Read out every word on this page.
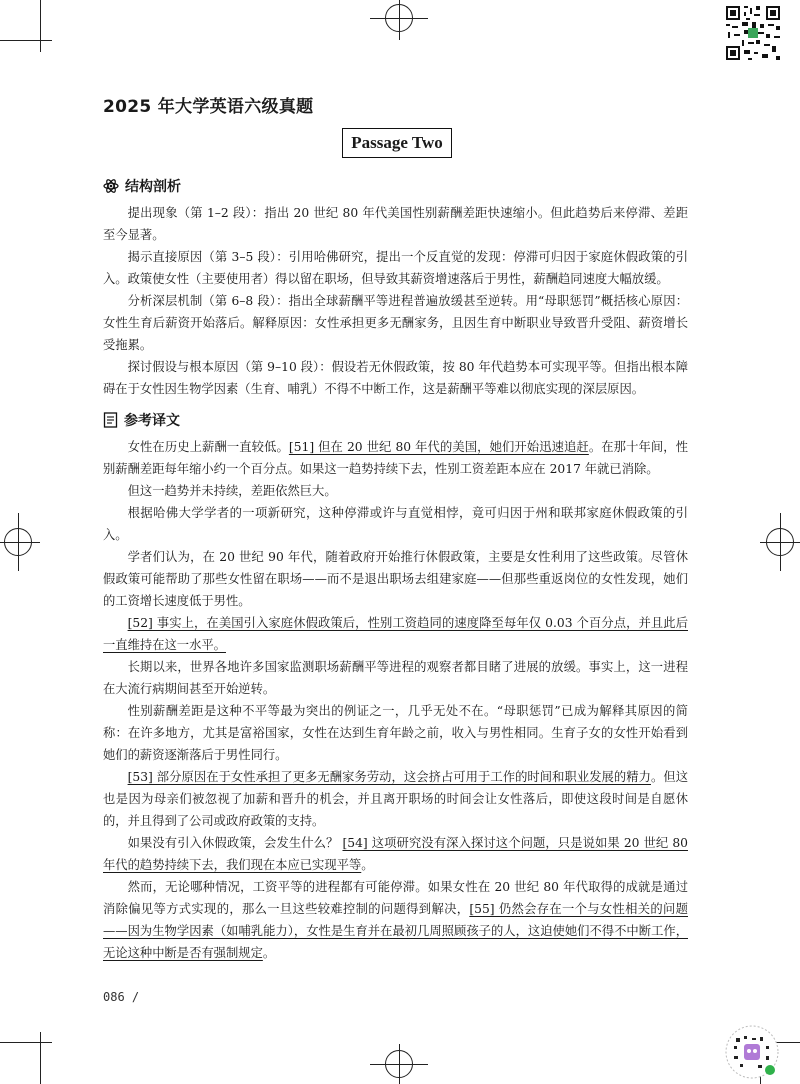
2025 年大学英语六级真题
Passage Two
结构剖析

提出现象（第 1–2 段）：指出 20 世纪 80 年代美国性别薪酬差距快速缩小。但此趋势后来停滞、差距至今显著。

揭示直接原因（第 3–5 段）：引用哈佛研究，提出一个反直觉的发现：停滞可归因于家庭休假政策的引入。政策使女性（主要使用者）得以留在职场，但导致其薪资增速落后于男性，薪酬趋同速度大幅放缓。

分析深层机制（第 6–8 段）：指出全球薪酬平等进程普遍放缓甚至逆转。用“母职惩罚”概括核心原因：女性生育后薪资开始落后。解释原因：女性承担更多无酬家务，且因生育中断职业导致晋升受阻、薪资增长受拖累。

探讨假设与根本原因（第 9–10 段）：假设若无休假政策，按 80 年代趋势本可实现平等。但指出根本障碍在于女性因生物学因素（生育、哺乳）不得不中断工作，这是薪酬平等难以彻底实现的深层原因。

参考译文

女性在历史上薪酬一直较低。[51] 但在 20 世纪 80 年代的美国，她们开始迅速追赶。在那十年间，性别薪酬差距每年缩小约一个百分点。如果这一趋势持续下去，性别工资差距本应在 2017 年就已消除。

但这一趋势并未持续，差距依然巨大。

根据哈佛大学学者的一项新研究，这种停滞或许与直觉相悖，竟可归因于州和联邦家庭休假政策的引入。

学者们认为，在 20 世纪 90 年代，随着政府开始推行休假政策，主要是女性利用了这些政策。尽管休假政策可能帮助了那些女性留在职场——而不是退出职场去组建家庭——但那些重返岗位的女性发现，她们的工资增长速度低于男性。

[52] 事实上，在美国引入家庭休假政策后，性别工资趋同的速度降至每年仅 0.03 个百分点，并且此后一直维持在这一水平。

长期以来，世界各地许多国家监测职场薪酬平等进程的观察者都目睹了进展的放缓。事实上，这一进程在大流行病期间甚至开始逆转。

性别薪酬差距是这种不平等最为突出的例证之一，几乎无处不在。“母职惩罚”已成为解释其原因的简称：在许多地方，尤其是富裕国家，女性在达到生育年龄之前，收入与男性相同。生育子女的女性开始看到她们的薪资逐渐落后于男性同行。

[53] 部分原因在于女性承担了更多无酬家务劳动，这会挤占可用于工作的时间和职业发展的精力。但这也是因为母亲们被忽视了加薪和晋升的机会，并且离开职场的时间会让女性落后，即使这段时间是自愿休的，并且得到了公司或政府政策的支持。

如果没有引入休假政策，会发生什么？ [54] 这项研究没有深入探讨这个问题，只是说如果 20 世纪 80 年代的趋势持续下去，我们现在本应已实现平等。

然而，无论哪种情况，工资平等的进程都有可能停滞。如果女性在 20 世纪 80 年代取得的成就是通过消除偏见等方式实现的，那么一旦这些较难控制的问题得到解决，[55] 仍然会存在一个与女性相关的问题——因为生物学因素（如哺乳能力），女性是生育并在最初几周照顾孩子的人，这迫使她们不得不中断工作，无论这种中断是否有强制规定。

086 /
